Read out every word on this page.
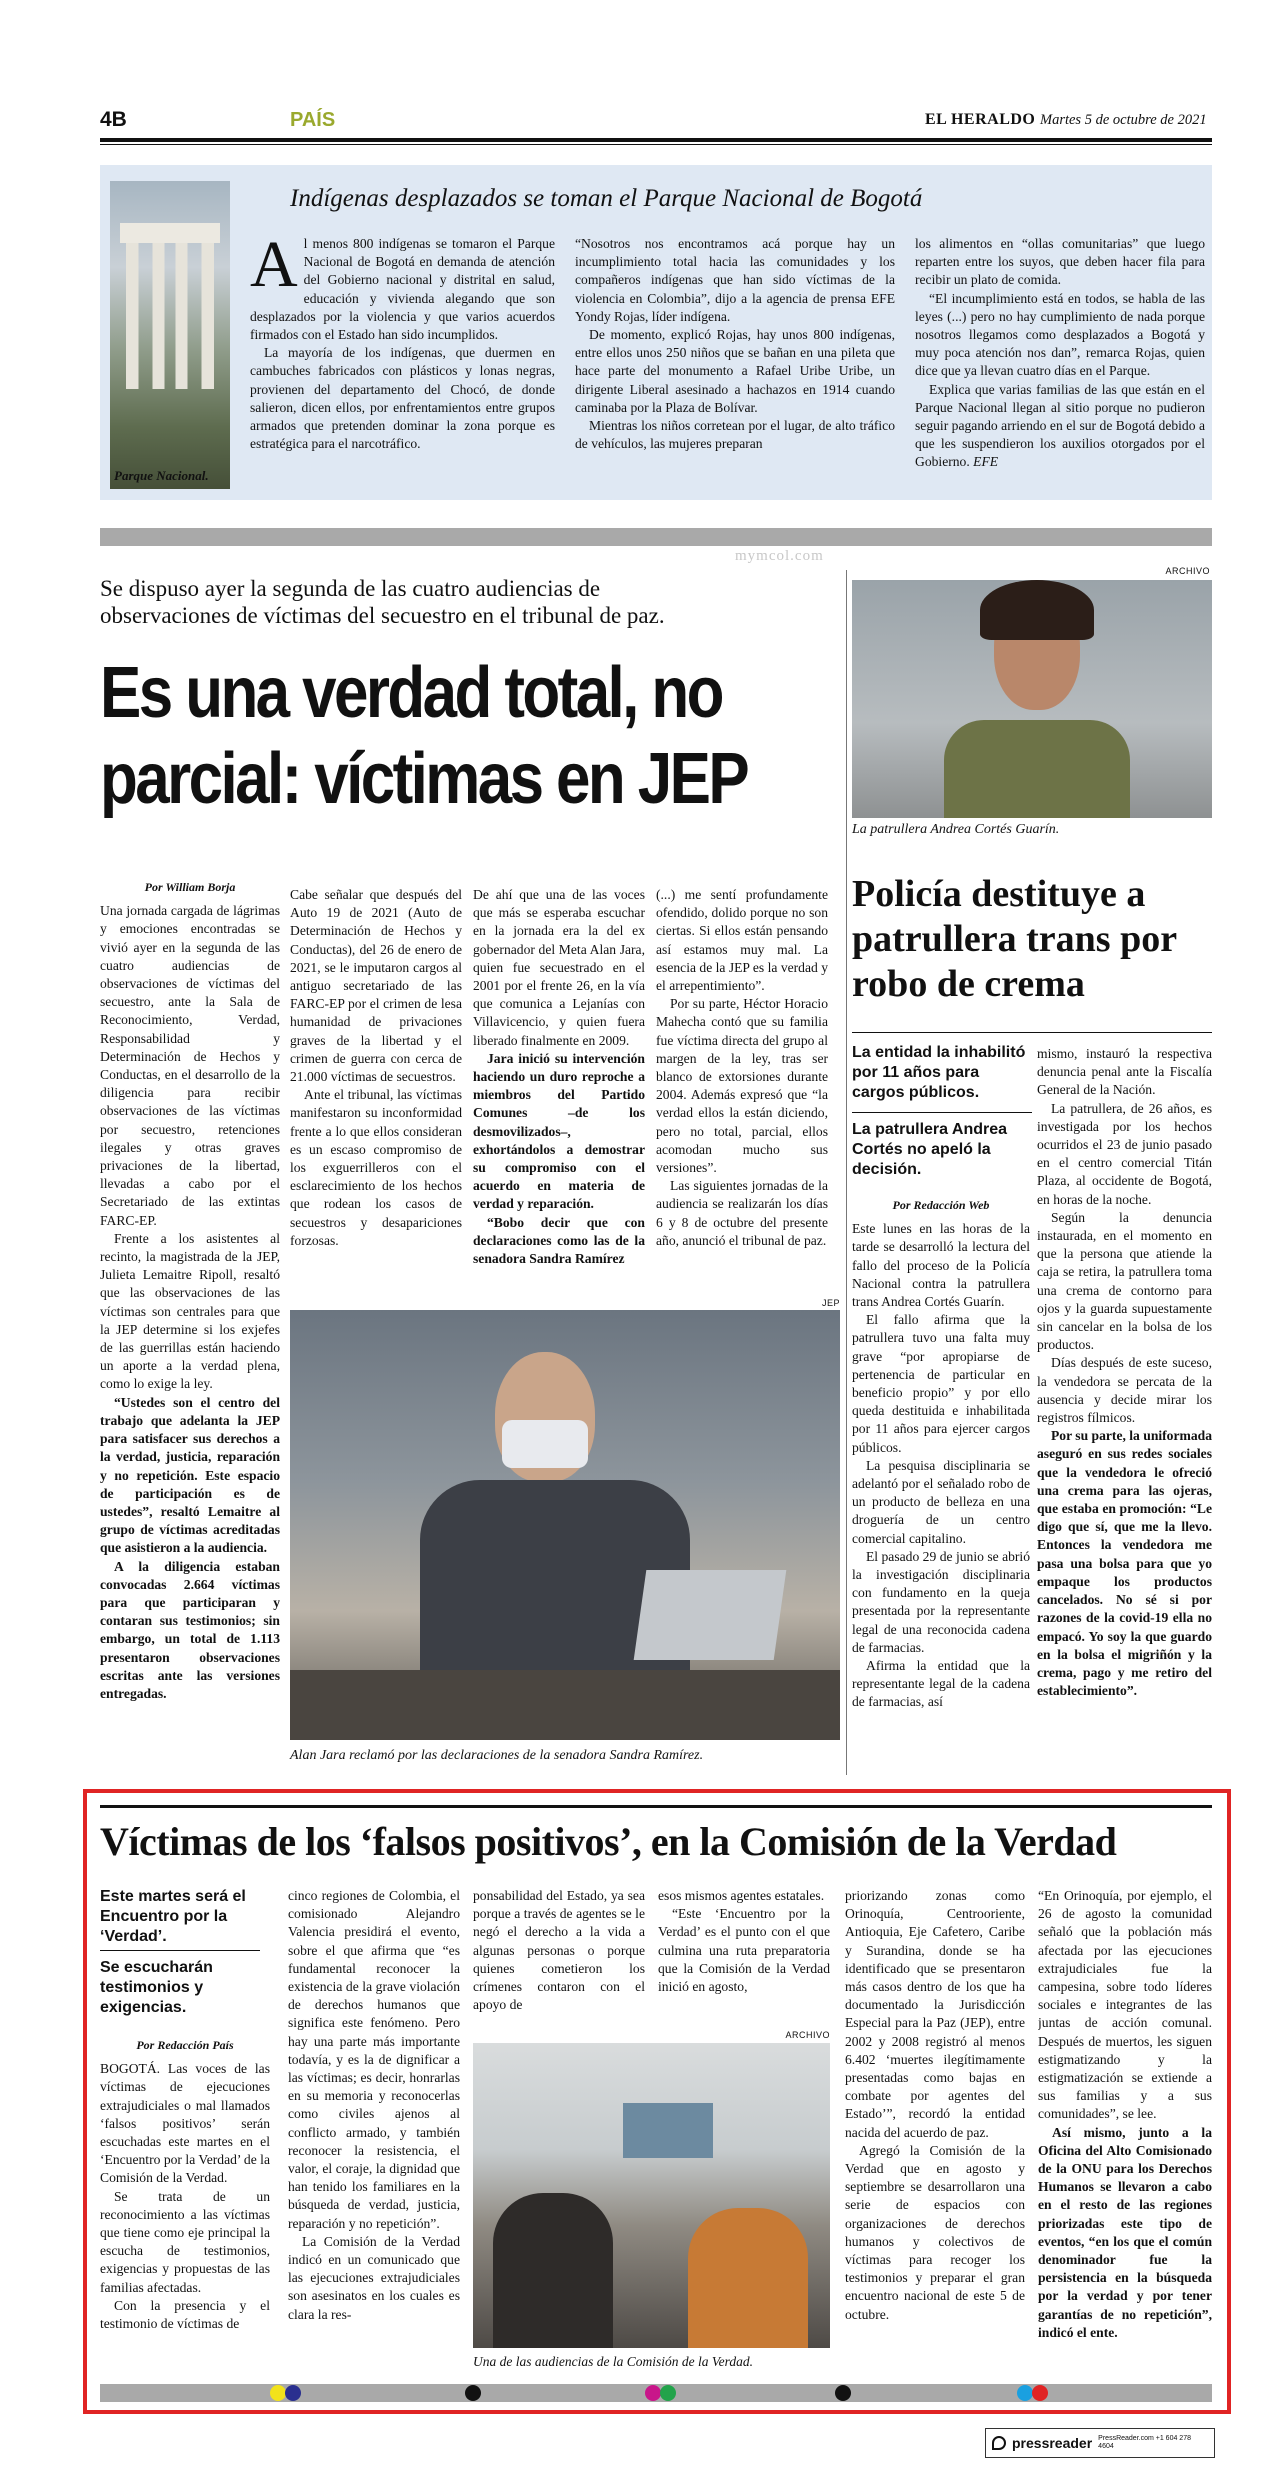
4B	PAÍS	EL HERALDO Martes 5 de octubre de 2021
Parque Nacional.
Indígenas desplazados se toman el Parque Nacional de Bogotá

Al menos 800 indígenas se tomaron el Parque Nacional de Bogotá en demanda de atención del Gobierno nacional y distrital en salud, educación y vivienda alegando que son desplazados por la violencia y que varios acuerdos firmados con el Estado han sido incumplidos.

La mayoría de los indígenas, que duermen en cambuches fabricados con plásticos y lonas negras, provienen del departamento del Chocó, de donde salieron, dicen ellos, por enfrentamientos entre grupos armados que pretenden dominar la zona porque es estratégica para el narcotráfico.

“Nosotros nos encontramos acá porque hay un incumplimiento total hacia las comunidades y los compañeros indígenas que han sido víctimas de la violencia en Colombia”, dijo a la agencia de prensa EFE Yondy Rojas, líder indígena.

De momento, explicó Rojas, hay unos 800 indígenas, entre ellos unos 250 niños que se bañan en una pileta que hace parte del monumento a Rafael Uribe Uribe, un dirigente Liberal asesinado a hachazos en 1914 cuando caminaba por la Plaza de Bolívar.

Mientras los niños corretean por el lugar, de alto tráfico de vehículos, las mujeres preparan

los alimentos en “ollas comunitarias” que luego reparten entre los suyos, que deben hacer fila para recibir un plato de comida.

“El incumplimiento está en todos, se habla de las leyes (...) pero no hay cumplimiento de nada porque nosotros llegamos como desplazados a Bogotá y muy poca atención nos dan”, remarca Rojas, quien dice que ya llevan cuatro días en el Parque.

Explica que varias familias de las que están en el Parque Nacional llegan al sitio porque no pudieron seguir pagando arriendo en el sur de Bogotá debido a que les suspendieron los auxilios otorgados por el Gobierno. EFE

Se dispuso ayer la segunda de las cuatro audiencias de observaciones de víctimas del secuestro en el tribunal de paz.
mymcol.com
Es una verdad total, no parcial: víctimas en JEP
Por William Borja

Una jornada cargada de lágrimas y emociones encontradas se vivió ayer en la segunda de las cuatro audiencias de observaciones de víctimas del secuestro, ante la Sala de Reconocimiento, Verdad, Responsabilidad y Determinación de Hechos y Conductas, en el desarrollo de la diligencia para recibir observaciones de las víctimas por secuestro, retenciones ilegales y otras graves privaciones de la libertad, llevadas a cabo por el Secretariado de las extintas FARC-EP.

Frente a los asistentes al recinto, la magistrada de la JEP, Julieta Lemaitre Ripoll, resaltó que las observaciones de las víctimas son centrales para que la JEP determine si los exjefes de las guerrillas están haciendo un aporte a la verdad plena, como lo exige la ley.

“Ustedes son el centro del trabajo que adelanta la JEP para satisfacer sus derechos a la verdad, justicia, reparación y no repetición. Este espacio de participación es de ustedes”, resaltó Lemaitre al grupo de víctimas acreditadas que asistieron a la audiencia.

A la diligencia estaban convocadas 2.664 víctimas para que participaran y contaran sus testimonios; sin embargo, un total de 1.113 presentaron observaciones escritas ante las versiones entregadas.

Cabe señalar que después del Auto 19 de 2021 (Auto de Determinación de Hechos y Conductas), del 26 de enero de 2021, se le imputaron cargos al antiguo secretariado de las FARC-EP por el crimen de lesa humanidad de privaciones graves de la libertad y el crimen de guerra con cerca de 21.000 víctimas de secuestros.

Ante el tribunal, las víctimas manifestaron su inconformidad frente a lo que ellos consideran es un escaso compromiso de los exguerrilleros con el esclarecimiento de los hechos que rodean los casos de secuestros y desapariciones forzosas.

De ahí que una de las voces que más se esperaba escuchar en la jornada era la del ex gobernador del Meta Alan Jara, quien fue secuestrado en el 2001 por el frente 26, en la vía que comunica a Lejanías con Villavicencio, y quien fuera liberado finalmente en 2009.

Jara inició su intervención haciendo un duro reproche a miembros del Partido Comunes –de los desmovilizados–, exhortándolos a demostrar su compromiso con el acuerdo en materia de verdad y reparación.

“Bobo decir que con declaraciones como las de la senadora Sandra Ramírez

(...) me sentí profundamente ofendido, dolido porque no son ciertas. Si ellos están pensando así estamos muy mal. La esencia de la JEP es la verdad y el arrepentimiento”.

Por su parte, Héctor Horacio Mahecha contó que su familia fue víctima directa del grupo al margen de la ley, tras ser blanco de extorsiones durante 2004. Además expresó que “la verdad ellos la están diciendo, pero no total, parcial, ellos acomodan mucho sus versiones”.

Las siguientes jornadas de la audiencia se realizarán los días 6 y 8 de octubre del presente año, anunció el tribunal de paz.

JEP
Alan Jara reclamó por las declaraciones de la senadora Sandra Ramírez.
ARCHIVO
La patrullera Andrea Cortés Guarín.
Policía destituye a patrullera trans por robo de crema
La entidad la inhabilitó por 11 años para cargos públicos.
La patrullera Andrea Cortés no apeló la decisión.
Por Redacción Web

Este lunes en las horas de la tarde se desarrolló la lectura del fallo del proceso de la Policía Nacional contra la patrullera trans Andrea Cortés Guarín.

El fallo afirma que la patrullera tuvo una falta muy grave “por apropiarse de pertenencia de particular en beneficio propio” y por ello queda destituida e inhabilitada por 11 años para ejercer cargos públicos.

La pesquisa disciplinaria se adelantó por el señalado robo de un producto de belleza en una droguería de un centro comercial capitalino.

El pasado 29 de junio se abrió la investigación disciplinaria con fundamento en la queja presentada por la representante legal de una reconocida cadena de farmacias.

Afirma la entidad que la representante legal de la cadena de farmacias, así

mismo, instauró la respectiva denuncia penal ante la Fiscalía General de la Nación.

La patrullera, de 26 años, es investigada por los hechos ocurridos el 23 de junio pasado en el centro comercial Titán Plaza, al occidente de Bogotá, en horas de la noche.

Según la denuncia instaurada, en el momento en que la persona que atiende la caja se retira, la patrullera toma una crema de contorno para ojos y la guarda supuestamente sin cancelar en la bolsa de los productos.

Días después de este suceso, la vendedora se percata de la ausencia y decide mirar los registros fílmicos.

Por su parte, la uniformada aseguró en sus redes sociales que la vendedora le ofreció una crema para las ojeras, que estaba en promoción: “Le digo que sí, que me la llevo. Entonces la vendedora me pasa una bolsa para que yo empaque los productos cancelados. No sé si por razones de la covid-19 ella no empacó. Yo soy la que guardo en la bolsa el migriñón y la crema, pago y me retiro del establecimiento”.

Víctimas de los ‘falsos positivos’, en la Comisión de la Verdad
Este martes será el Encuentro por la ‘Verdad’.
Se escucharán testimonios y exigencias.
Por Redacción País

BOGOTÁ. Las voces de las víctimas de ejecuciones extrajudiciales o mal llamados ‘falsos positivos’ serán escuchadas este martes en el ‘Encuentro por la Verdad’ de la Comisión de la Verdad.

Se trata de un reconocimiento a las víctimas que tiene como eje principal la escucha de testimonios, exigencias y propuestas de las familias afectadas.

Con la presencia y el testimonio de víctimas de

cinco regiones de Colombia, el comisionado Alejandro Valencia presidirá el evento, sobre el que afirma que “es fundamental reconocer la existencia de la grave violación de derechos humanos que significa este fenómeno. Pero hay una parte más importante todavía, y es la de dignificar a las víctimas; es decir, honrarlas en su memoria y reconocerlas como civiles ajenos al conflicto armado, y también reconocer la resistencia, el valor, el coraje, la dignidad que han tenido los familiares en la búsqueda de verdad, justicia, reparación y no repetición”.

La Comisión de la Verdad indicó en un comunicado que las ejecuciones extrajudiciales son asesinatos en los cuales es clara la res-

ponsabilidad del Estado, ya sea porque a través de agentes se le negó el derecho a la vida a algunas personas o porque quienes cometieron los crímenes contaron con el apoyo de

esos mismos agentes estatales.

“Este ‘Encuentro por la Verdad’ es el punto con el que culmina una ruta preparatoria que la Comisión de la Verdad inició en agosto,

ARCHIVO
Una de las audiencias de la Comisión de la Verdad.

priorizando zonas como Orinoquía, Centrooriente, Antioquia, Eje Cafetero, Caribe y Surandina, donde se ha identificado que se presentaron más casos dentro de los que ha documentado la Jurisdicción Especial para la Paz (JEP), entre 2002 y 2008 registró al menos 6.402 ‘muertes ilegítimamente presentadas como bajas en combate por agentes del Estado’”, recordó la entidad nacida del acuerdo de paz.

Agregó la Comisión de la Verdad que en agosto y septiembre se desarrollaron una serie de espacios con organizaciones de derechos humanos y colectivos de víctimas para recoger los testimonios y preparar el gran encuentro nacional de este 5 de octubre.

“En Orinoquía, por ejemplo, el 26 de agosto la comunidad señaló que la población más afectada por las ejecuciones extrajudiciales fue la campesina, sobre todo líderes sociales e integrantes de las juntas de acción comunal. Después de muertos, les siguen estigmatizando y la estigmatización se extiende a sus familias y a sus comunidades”, se lee.

Así mismo, junto a la Oficina del Alto Comisionado de la ONU para los Derechos Humanos se llevaron a cabo en el resto de las regiones priorizadas este tipo de eventos, “en los que el común denominador fue la persistencia en la búsqueda por la verdad y por tener garantías de no repetición”, indicó el ente.

pressreader PressReader.com +1 604 278 4604
